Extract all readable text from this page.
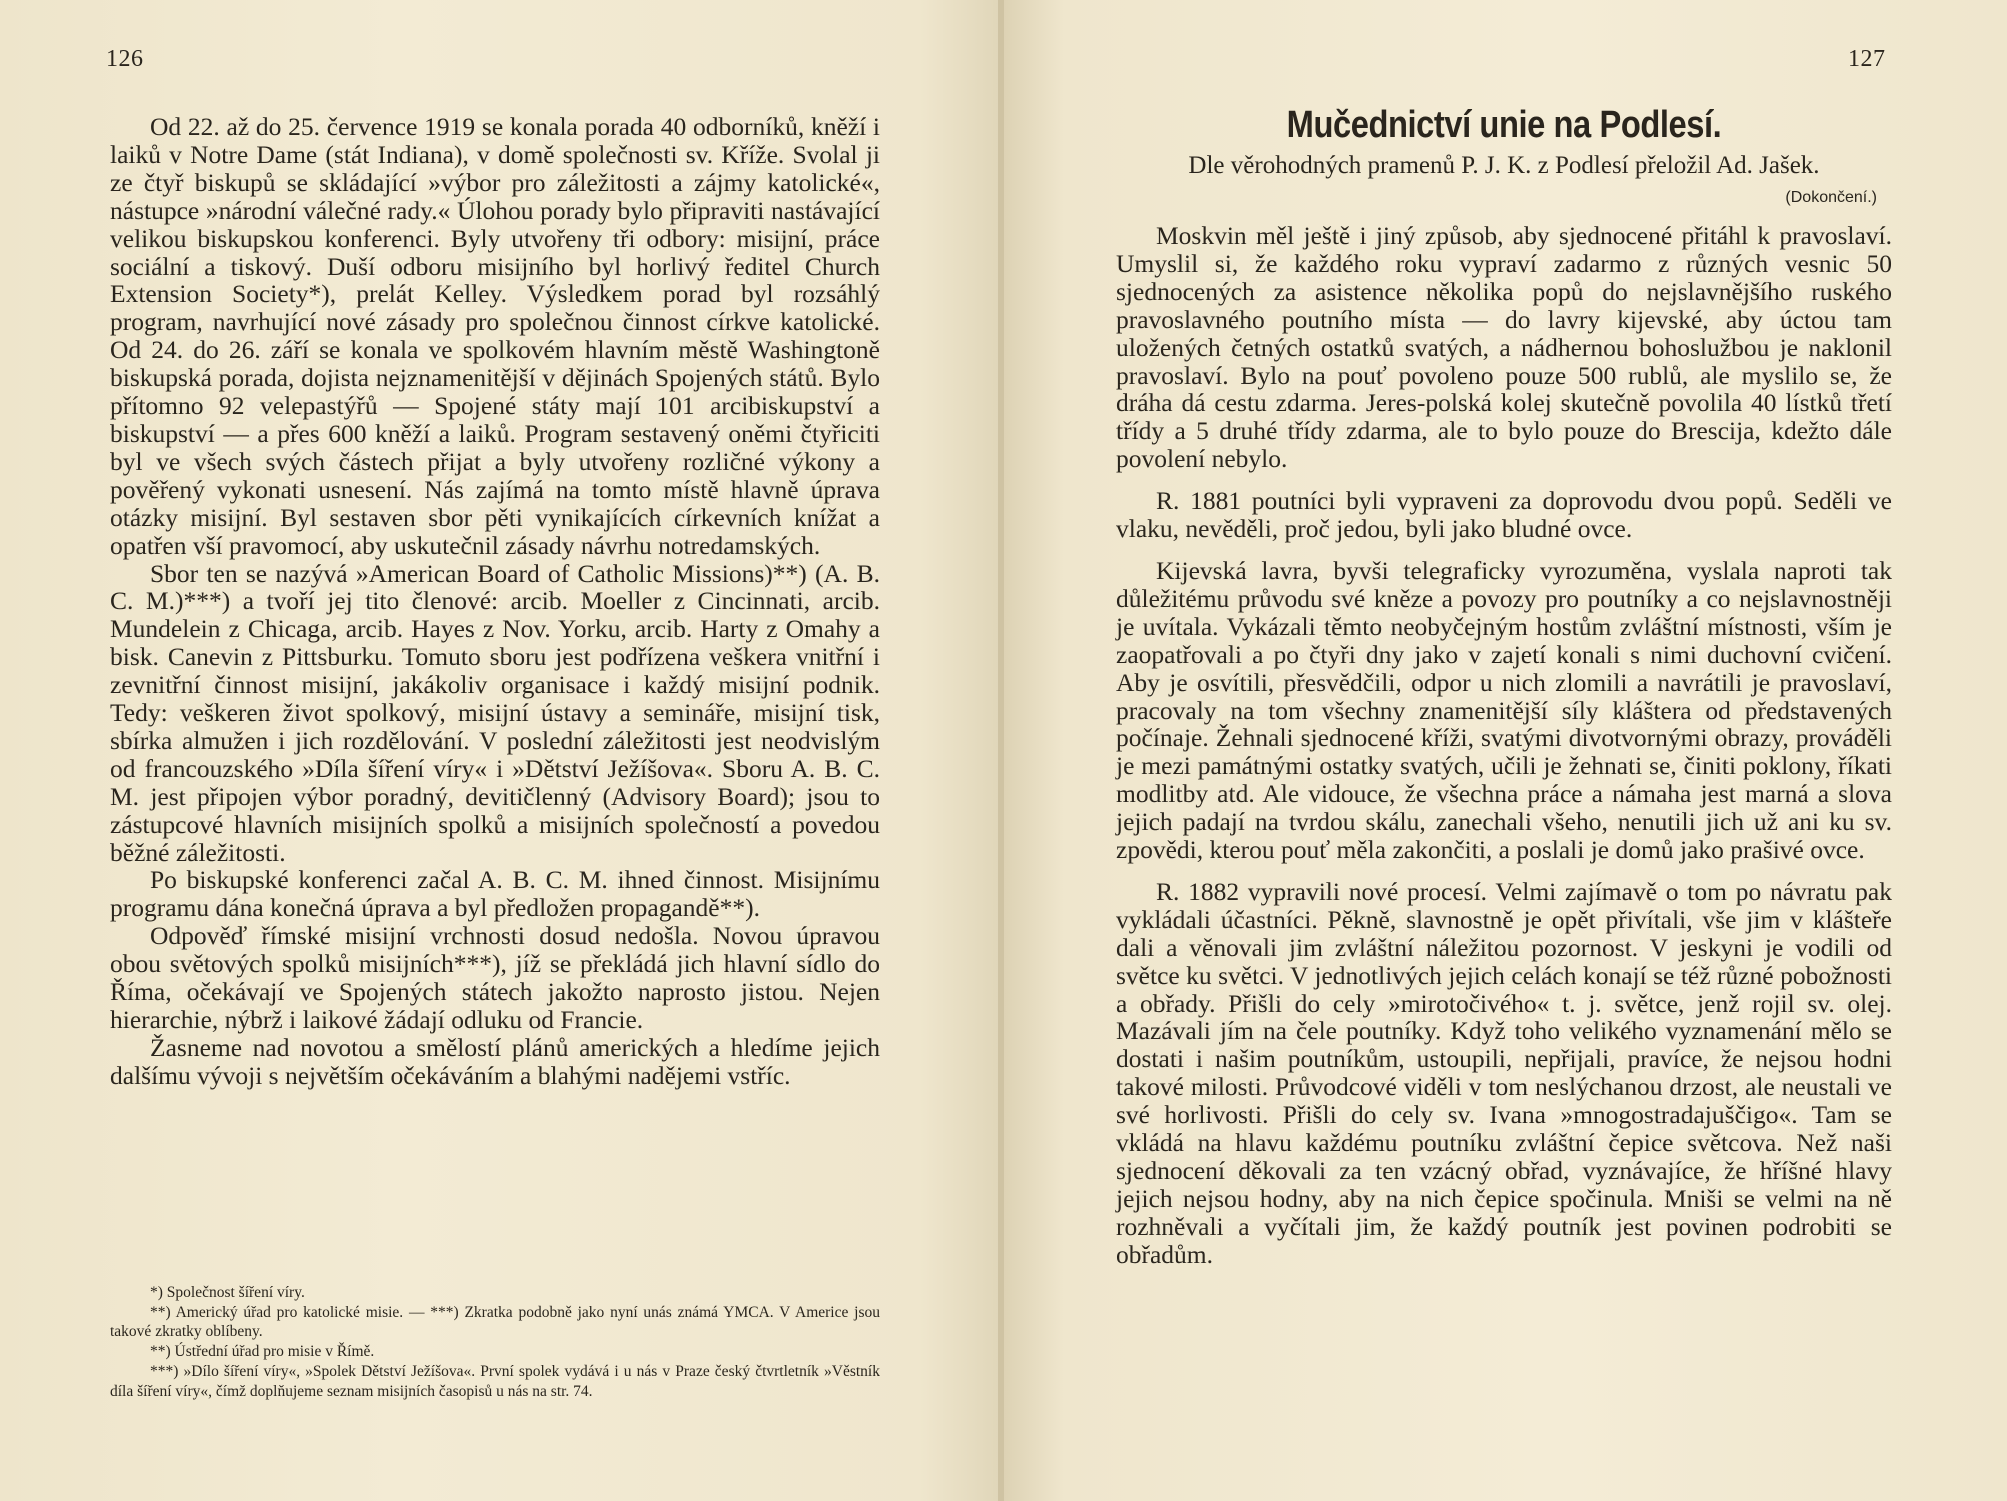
126

Od 22. až do 25. července 1919 se konala porada 40 odborníků, kněží i laiků v Notre Dame (stát Indiana), v domě společnosti sv. Kříže. Svolal ji ze čtyř biskupů se skládající »výbor pro záležitosti a zájmy katolické«, nástupce »národní válečné rady.« Úlohou porady bylo připraviti nastávající velikou biskupskou konferenci. Byly utvořeny tři odbory: misijní, práce sociální a tiskový. Duší odboru misijního byl horlivý ředitel Church Extension Society*), prelát Kelley. Výsledkem porad byl rozsáhlý program, navrhující nové zásady pro společnou činnost církve katolické. Od 24. do 26. září se konala ve spolkovém hlavním městě Washingtoně biskupská porada, dojista nejznamenitější v dějinách Spojených států. Bylo přítomno 92 velepastýřů — Spojené státy mají 101 arcibiskupství a biskupství — a přes 600 kněží a laiků. Program sestavený oněmi čtyřiciti byl ve všech svých částech přijat a byly utvořeny rozličné výkony a pověřený vykonati usnesení. Nás zajímá na tomto místě hlavně úprava otázky misijní. Byl sestaven sbor pěti vynikajících církevních knížat a opatřen vší pravomocí, aby uskutečnil zásady návrhu notredamských.

Sbor ten se nazývá »American Board of Catholic Missions)**) (A. B. C. M.)***) a tvoří jej tito členové: arcib. Moeller z Cincinnati, arcib. Mundelein z Chicaga, arcib. Hayes z Nov. Yorku, arcib. Harty z Omahy a bisk. Canevin z Pittsburku. Tomuto sboru jest podřízena veškera vnitřní i zevnitřní činnost misijní, jakákoliv organisace i každý misijní podnik. Tedy: veškeren život spolkový, misijní ústavy a semináře, misijní tisk, sbírka almužen i jich rozdělování. V poslední záležitosti jest neodvislým od francouzského »Díla šíření víry« i »Dětství Ježíšova«. Sboru A. B. C. M. jest připojen výbor poradný, devitičlenný (Advisory Board); jsou to zástupcové hlavních misijních spolků a misijních společností a povedou běžné záležitosti.

Po biskupské konferenci začal A. B. C. M. ihned činnost. Misijnímu programu dána konečná úprava a byl předložen propagandě**).

Odpověď římské misijní vrchnosti dosud nedošla. Novou úpravou obou světových spolků misijních***), jíž se překládá jich hlavní sídlo do Říma, očekávají ve Spojených státech jakožto naprosto jistou. Nejen hierarchie, nýbrž i laikové žádají odluku od Francie.

Žasneme nad novotou a smělostí plánů amerických a hledíme jejich dalšímu vývoji s největším očekáváním a blahými nadějemi vstříc.

*) Společnost šíření víry.

**) Americký úřad pro katolické misie. — ***) Zkratka podobně jako nyní unás známá YMCA. V Americe jsou takové zkratky oblíbeny.

**) Ústřední úřad pro misie v Římě.

***) »Dílo šíření víry«, »Spolek Dětství Ježíšova«. První spolek vydává i u nás v Praze český čtvrtletník »Věstník díla šíření víry«, čímž doplňujeme seznam misijních časopisů u nás na str. 74.

127
Mučednictví unie na Podlesí.
Dle věrohodných pramenů P. J. K. z Podlesí přeložil Ad. Jašek.
(Dokončení.)

Moskvin měl ještě i jiný způsob, aby sjednocené přitáhl k pravoslaví. Umyslil si, že každého roku vypraví zadarmo z různých vesnic 50 sjednocených za asistence několika popů do nejslavnějšího ruského pravoslavného poutního místa — do lavry kijevské, aby úctou tam uložených četných ostatků svatých, a nádhernou bohoslužbou je naklonil pravoslaví. Bylo na pouť povoleno pouze 500 rublů, ale myslilo se, že dráha dá cestu zdarma. Jeres-polská kolej skutečně povolila 40 lístků třetí třídy a 5 druhé třídy zdarma, ale to bylo pouze do Brescija, kdežto dále povolení nebylo.

R. 1881 poutníci byli vypraveni za doprovodu dvou popů. Seděli ve vlaku, nevěděli, proč jedou, byli jako bludné ovce.

Kijevská lavra, byvši telegraficky vyrozuměna, vyslala naproti tak důležitému průvodu své kněze a povozy pro poutníky a co nejslavnostněji je uvítala. Vykázali těmto neobyčejným hostům zvláštní místnosti, vším je zaopatřovali a po čtyři dny jako v zajetí konali s nimi duchovní cvičení. Aby je osvítili, přesvědčili, odpor u nich zlomili a navrátili je pravoslaví, pracovaly na tom všechny znamenitější síly kláštera od představených počínaje. Žehnali sjednocené kříži, svatými divotvornými obrazy, prováděli je mezi památnými ostatky svatých, učili je žehnati se, činiti poklony, říkati modlitby atd. Ale vidouce, že všechna práce a námaha jest marná a slova jejich padají na tvrdou skálu, zanechali všeho, nenutili jich už ani ku sv. zpovědi, kterou pouť měla zakončiti, a poslali je domů jako prašivé ovce.

R. 1882 vypravili nové procesí. Velmi zajímavě o tom po návratu pak vykládali účastníci. Pěkně, slavnostně je opět přivítali, vše jim v klášteře dali a věnovali jim zvláštní náležitou pozornost. V jeskyni je vodili od světce ku světci. V jednotlivých jejich celách konají se též různé pobožnosti a obřady. Přišli do cely »mirotočivého« t. j. světce, jenž rojil sv. olej. Mazávali jím na čele poutníky. Když toho velikého vyznamenání mělo se dostati i našim poutníkům, ustoupili, nepřijali, pravíce, že nejsou hodni takové milosti. Průvodcové viděli v tom neslýchanou drzost, ale neustali ve své horlivosti. Přišli do cely sv. Ivana »mnogostradajuščigo«. Tam se vkládá na hlavu každému poutníku zvláštní čepice světcova. Než naši sjednocení děkovali za ten vzácný obřad, vyznávajíce, že hříšné hlavy jejich nejsou hodny, aby na nich čepice spočinula. Mniši se velmi na ně rozhněvali a vyčítali jim, že každý poutník jest povinen podrobiti se obřadům.
